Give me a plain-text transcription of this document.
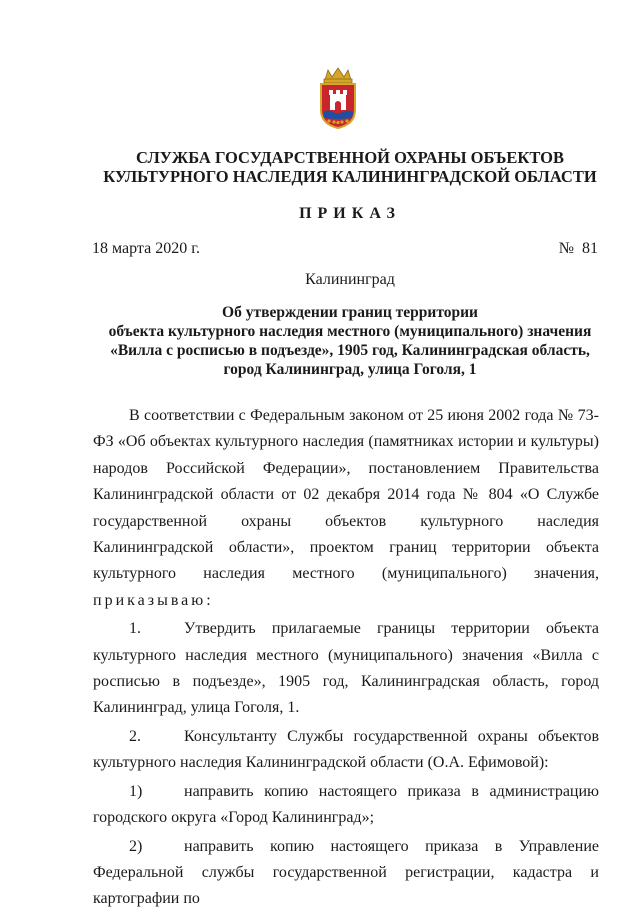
СЛУЖБА ГОСУДАРСТВЕННОЙ ОХРАНЫ ОБЪЕКТОВ
КУЛЬТУРНОГО НАСЛЕДИЯ КАЛИНИНГРАДСКОЙ ОБЛАСТИ
ПРИКАЗ
18 марта 2020 г.	№ 81
Калининград
Об утверждении границ территории
объекта культурного наследия местного (муниципального) значения
«Вилла с росписью в подъезде», 1905 год, Калининградская область,
город Калининград, улица Гоголя, 1

В соответствии с Федеральным законом от 25 июня 2002 года № 73-ФЗ «Об объектах культурного наследия (памятниках истории и культуры) народов Российской Федерации», постановлением Правительства Калининградской области от 02 декабря 2014 года № 804 «О Службе государственной охраны объектов культурного наследия Калининградской области», проектом границ территории объекта культурного наследия местного (муниципального) значения, приказываю:

1.	Утвердить прилагаемые границы территории объекта культурного наследия местного (муниципального) значения «Вилла с росписью в подъезде», 1905 год, Калининградская область, город Калининград, улица Гоголя, 1.

2.	Консультанту Службы государственной охраны объектов культурного наследия Калининградской области (О.А. Ефимовой):

1)	направить копию настоящего приказа в администрацию городского округа «Город Калининград»;

2)	направить копию настоящего приказа в Управление Федеральной службы государственной регистрации, кадастра и картографии по
